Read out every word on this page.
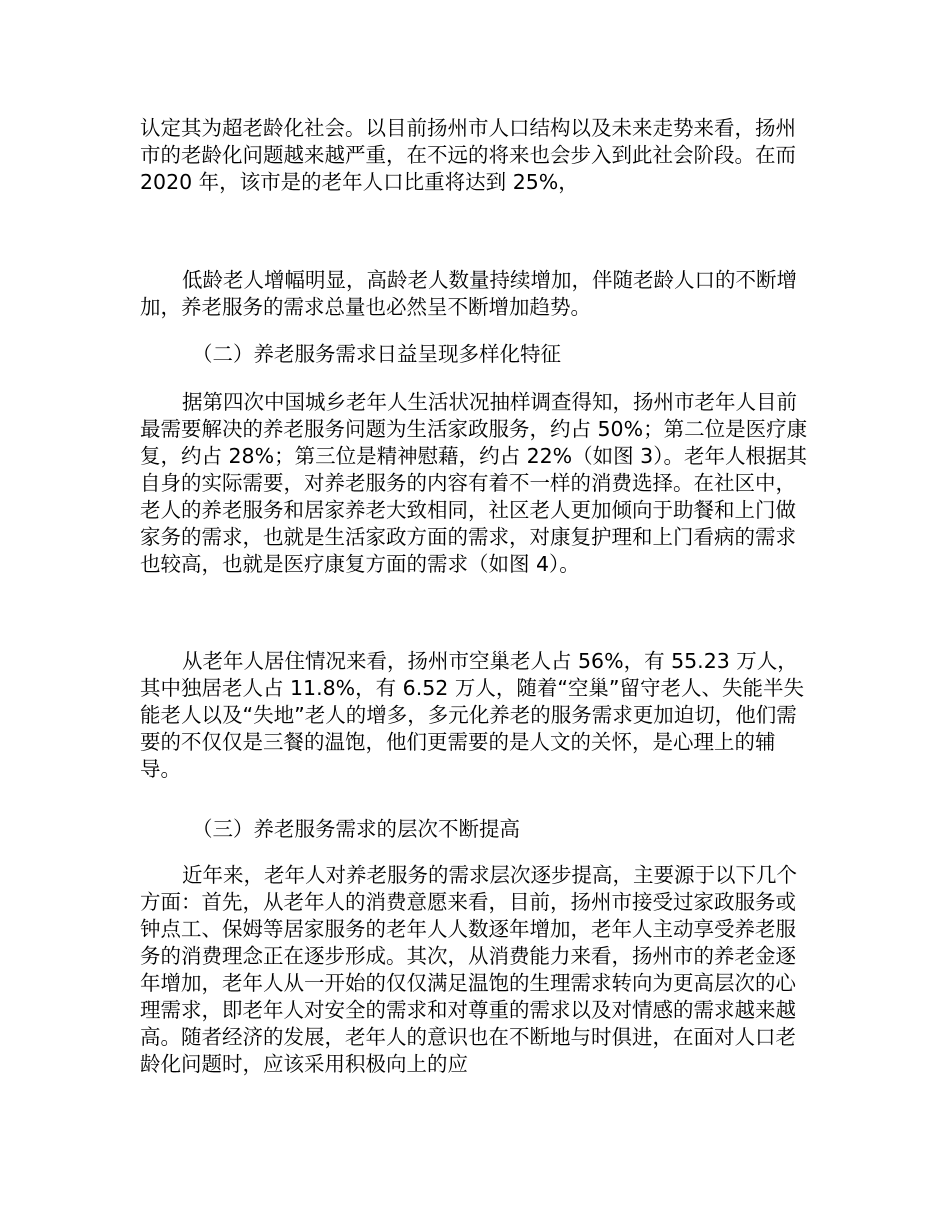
认定其为超老龄化社会。以目前扬州市人口结构以及未来走势来看，扬州市的老龄化问题越来越严重，在不远的将来也会步入到此社会阶段。在而 2020 年，该市是的老年人口比重将达到 25%，

低龄老人增幅明显，高龄老人数量持续增加，伴随老龄人口的不断增加，养老服务的需求总量也必然呈不断增加趋势。

（二）养老服务需求日益呈现多样化特征

据第四次中国城乡老年人生活状况抽样调查得知，扬州市老年人目前最需要解决的养老服务问题为生活家政服务，约占 50%；第二位是医疗康复，约占 28%；第三位是精神慰藉，约占 22%（如图 3）。老年人根据其自身的实际需要，对养老服务的内容有着不一样的消费选择。在社区中，老人的养老服务和居家养老大致相同，社区老人更加倾向于助餐和上门做家务的需求，也就是生活家政方面的需求，对康复护理和上门看病的需求也较高，也就是医疗康复方面的需求（如图 4）。

从老年人居住情况来看，扬州市空巢老人占 56%，有 55.23 万人，其中独居老人占 11.8%，有 6.52 万人，随着“空巢”留守老人、失能半失能老人以及“失地”老人的增多，多元化养老的服务需求更加迫切，他们需要的不仅仅是三餐的温饱，他们更需要的是人文的关怀，是心理上的辅导。

（三）养老服务需求的层次不断提高

近年来，老年人对养老服务的需求层次逐步提高，主要源于以下几个方面：首先，从老年人的消费意愿来看，目前，扬州市接受过家政服务或钟点工、保姆等居家服务的老年人人数逐年增加，老年人主动享受养老服务的消费理念正在逐步形成。其次，从消费能力来看，扬州市的养老金逐年增加，老年人从一开始的仅仅满足温饱的生理需求转向为更高层次的心理需求，即老年人对安全的需求和对尊重的需求以及对情感的需求越来越高。随者经济的发展，老年人的意识也在不断地与时俱进，在面对人口老龄化问题时，应该采用积极向上的应
